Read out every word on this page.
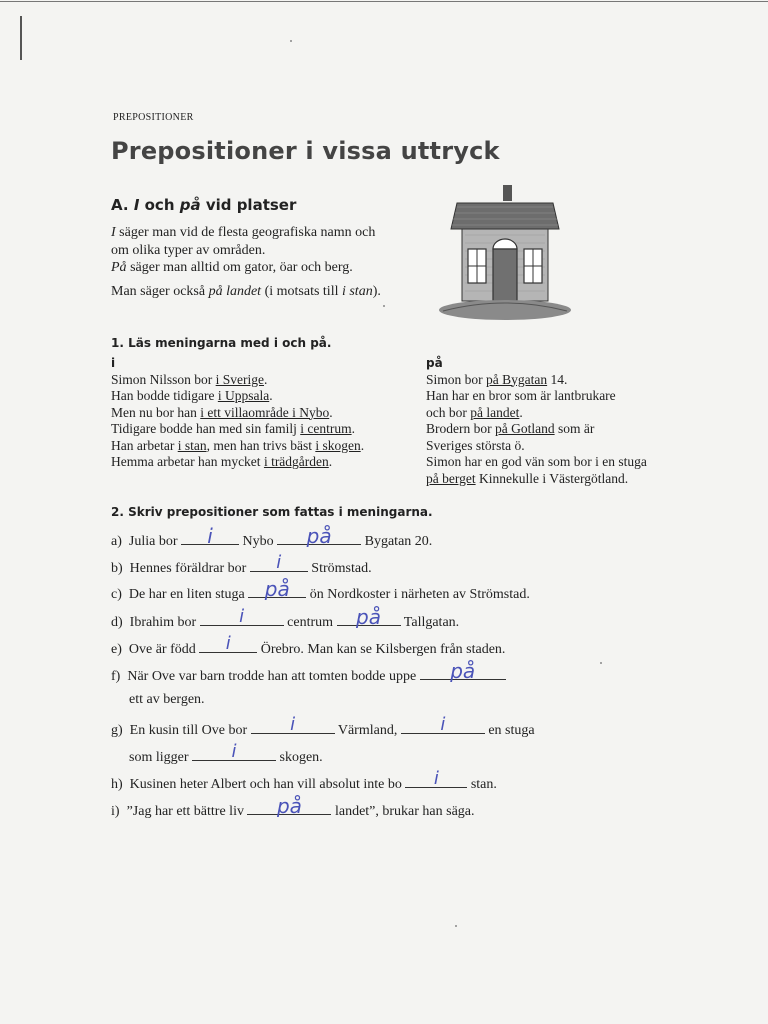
PREPOSITIONER
Prepositioner i vissa uttryck
A. I och på vid platser

I säger man vid de flesta geografiska namn och

om olika typer av områden.

På säger man alltid om gator, öar och berg.

Man säger också på landet (i motsats till i stan).

1. Läs meningarna med i och på.
i
Simon Nilsson bor i Sverige.
Han bodde tidigare i Uppsala.
Men nu bor han i ett villaområde i Nybo.
Tidigare bodde han med sin familj i centrum.
Han arbetar i stan, men han trivs bäst i skogen.
Hemma arbetar han mycket i trädgården.
på
Simon bor på Bygatan 14.
Han har en bror som är lantbrukare
och bor på landet.
Brodern bor på Gotland som är
Sveriges största ö.
Simon har en god vän som bor i en stuga
på berget Kinnekulle i Västergötland.
2. Skriv prepositioner som fattas i meningarna.
a) Julia bor	i	Nybo	på	Bygatan 20.
b) Hennes föräldrar bor	i	Strömstad.
c) De har en liten stuga på	ön Nordkoster i närheten av Strömstad.
d) Ibrahim bor	i	centrum på	Tallgatan.
e) Ove är född	i	Örebro. Man kan se Kilsbergen från staden.
f) När Ove var barn trodde han att tomten bodde uppe	på
ett av bergen.
g) En kusin till Ove bor	i	Värmland,	i	en stuga
som ligger	i	skogen.
h) Kusinen heter Albert och han vill absolut inte bo	i	stan.
i) ”Jag har ett bättre liv	på	landet”, brukar han säga.
